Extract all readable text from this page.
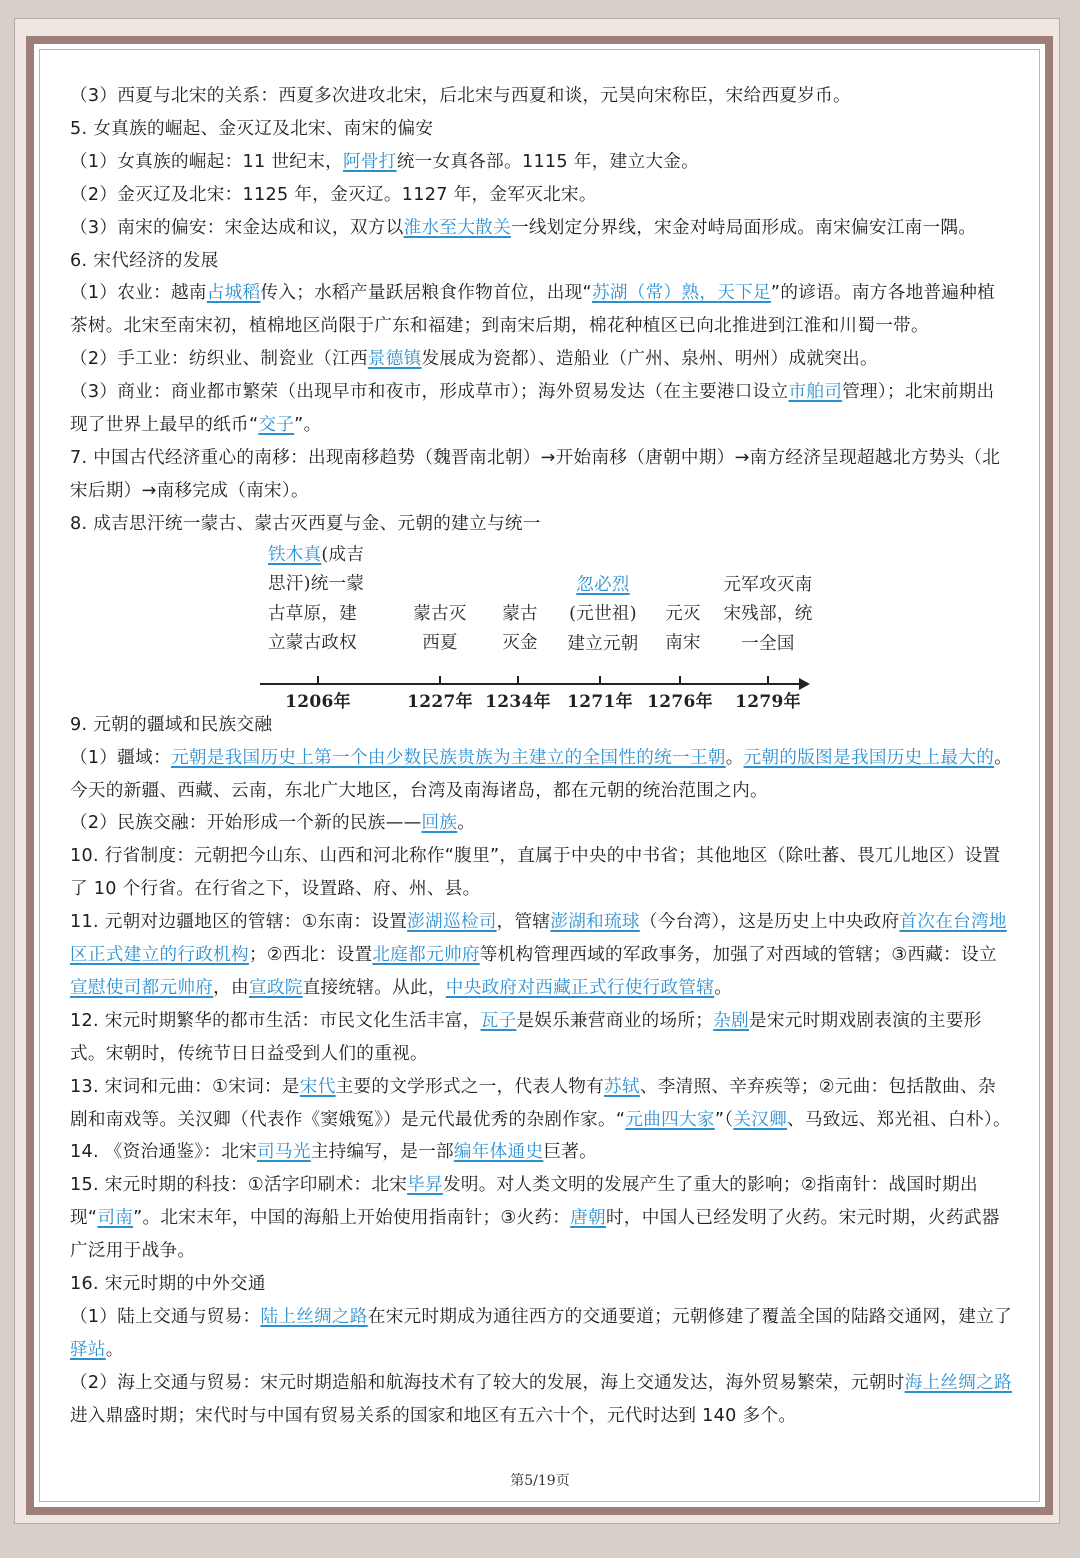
（3）西夏与北宋的关系：西夏多次进攻北宋，后北宋与西夏和谈，元昊向宋称臣，宋给西夏岁币。
5. 女真族的崛起、金灭辽及北宋、南宋的偏安
（1）女真族的崛起：11 世纪末，阿骨打统一女真各部。1115 年，建立大金。
（2）金灭辽及北宋：1125 年，金灭辽。1127 年，金军灭北宋。
（3）南宋的偏安：宋金达成和议，双方以淮水至大散关一线划定分界线，宋金对峙局面形成。南宋偏安江南一隅。
6. 宋代经济的发展
（1）农业：越南占城稻传入；水稻产量跃居粮食作物首位，出现“苏湖（常）熟，天下足”的谚语。南方各地普遍种植茶树。北宋至南宋初，植棉地区尚限于广东和福建；到南宋后期，棉花种植区已向北推进到江淮和川蜀一带。
（2）手工业：纺织业、制瓷业（江西景德镇发展成为瓷都）、造船业（广州、泉州、明州）成就突出。
（3）商业：商业都市繁荣（出现早市和夜市，形成草市）；海外贸易发达（在主要港口设立市舶司管理）；北宋前期出现了世界上最早的纸币“交子”。
7. 中国古代经济重心的南移：出现南移趋势（魏晋南北朝）→开始南移（唐朝中期）→南方经济呈现超越北方势头（北宋后期）→南移完成（南宋）。
8. 成吉思汗统一蒙古、蒙古灭西夏与金、元朝的建立与统一
铁木真(成吉
思汗)统一蒙
古草原，建
立蒙古政权
蒙古灭
西夏
蒙古
灭金
忽必烈
(元世祖)
建立元朝
元灭
南宋
元军攻灭南
宋残部，统
一全国
1206年	1227年 1234年 1271年 1276年	1279年
9. 元朝的疆域和民族交融
（1）疆域：元朝是我国历史上第一个由少数民族贵族为主建立的全国性的统一王朝。元朝的版图是我国历史上最大的。今天的新疆、西藏、云南，东北广大地区，台湾及南海诸岛，都在元朝的统治范围之内。
（2）民族交融：开始形成一个新的民族——回族。
10. 行省制度：元朝把今山东、山西和河北称作“腹里”，直属于中央的中书省；其他地区（除吐蕃、畏兀儿地区）设置了 10 个行省。在行省之下，设置路、府、州、县。
11. 元朝对边疆地区的管辖：①东南：设置澎湖巡检司，管辖澎湖和琉球（今台湾），这是历史上中央政府首次在台湾地区正式建立的行政机构；②西北：设置北庭都元帅府等机构管理西域的军政事务，加强了对西域的管辖；③西藏：设立宣慰使司都元帅府，由宣政院直接统辖。从此，中央政府对西藏正式行使行政管辖。
12. 宋元时期繁华的都市生活：市民文化生活丰富，瓦子是娱乐兼营商业的场所；杂剧是宋元时期戏剧表演的主要形式。宋朝时，传统节日日益受到人们的重视。
13. 宋词和元曲：①宋词：是宋代主要的文学形式之一，代表人物有苏轼、李清照、辛弃疾等；②元曲：包括散曲、杂剧和南戏等。关汉卿（代表作《窦娥冤》）是元代最优秀的杂剧作家。“元曲四大家”（关汉卿、马致远、郑光祖、白朴）。
14. 《资治通鉴》：北宋司马光主持编写，是一部编年体通史巨著。
15. 宋元时期的科技：①活字印刷术：北宋毕昇发明。对人类文明的发展产生了重大的影响；②指南针：战国时期出现“司南”。北宋末年，中国的海船上开始使用指南针；③火药：唐朝时，中国人已经发明了火药。宋元时期，火药武器广泛用于战争。
16. 宋元时期的中外交通
（1）陆上交通与贸易：陆上丝绸之路在宋元时期成为通往西方的交通要道；元朝修建了覆盖全国的陆路交通网，建立了驿站。
（2）海上交通与贸易：宋元时期造船和航海技术有了较大的发展，海上交通发达，海外贸易繁荣，元朝时海上丝绸之路进入鼎盛时期；宋代时与中国有贸易关系的国家和地区有五六十个，元代时达到 140 多个。
第5/19页
